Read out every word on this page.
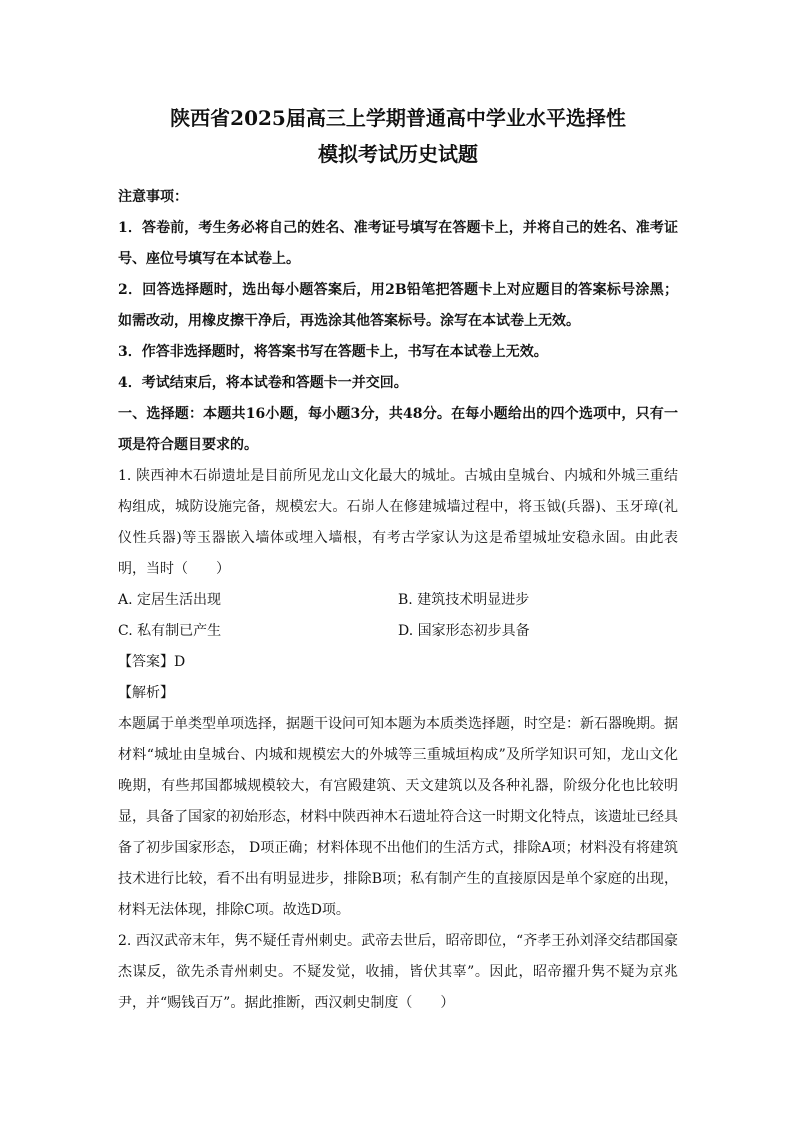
陕西省2025届高三上学期普通高中学业水平选择性
模拟考试历史试题

注意事项：

1．答卷前，考生务必将自己的姓名、准考证号填写在答题卡上，并将自己的姓名、准考证号、座位号填写在本试卷上。

2．回答选择题时，选出每小题答案后，用2B铅笔把答题卡上对应题目的答案标号涂黑；如需改动，用橡皮擦干净后，再选涂其他答案标号。涂写在本试卷上无效。

3．作答非选择题时，将答案书写在答题卡上，书写在本试卷上无效。

4．考试结束后，将本试卷和答题卡一并交回。

一、选择题：本题共16小题，每小题3分，共48分。在每小题给出的四个选项中，只有一项是符合题目要求的。

1. 陕西神木石峁遗址是目前所见龙山文化最大的城址。古城由皇城台、内城和外城三重结构组成，城防设施完备，规模宏大。石峁人在修建城墙过程中，将玉钺(兵器)、玉牙璋(礼仪性兵器)等玉器嵌入墙体或埋入墙根，有考古学家认为这是希望城址安稳永固。由此表明，当时（　　）

A. 定居生活出现	B. 建筑技术明显进步
C. 私有制已产生	D. 国家形态初步具备

【答案】D

【解析】

本题属于单类型单项选择，据题干设问可知本题为本质类选择题，时空是：新石器晚期。据材料“城址由皇城台、内城和规模宏大的外城等三重城垣构成”及所学知识可知，龙山文化晚期，有些邦国都城规模较大，有宫殿建筑、天文建筑以及各种礼器，阶级分化也比较明显，具备了国家的初始形态，材料中陕西神木石遗址符合这一时期文化特点，该遗址已经具备了初步国家形态， D项正确；材料体现不出他们的生活方式，排除A项；材料没有将建筑技术进行比较，看不出有明显进步，排除B项；私有制产生的直接原因是单个家庭的出现，材料无法体现，排除C项。故选D项。

2. 西汉武帝末年，隽不疑任青州刺史。武帝去世后，昭帝即位，“齐孝王孙刘泽交结郡国豪杰谋反，欲先杀青州刺史。不疑发觉，收捕，皆伏其辜”。因此，昭帝擢升隽不疑为京兆尹，并“赐钱百万”。据此推断，西汉刺史制度（　　）
